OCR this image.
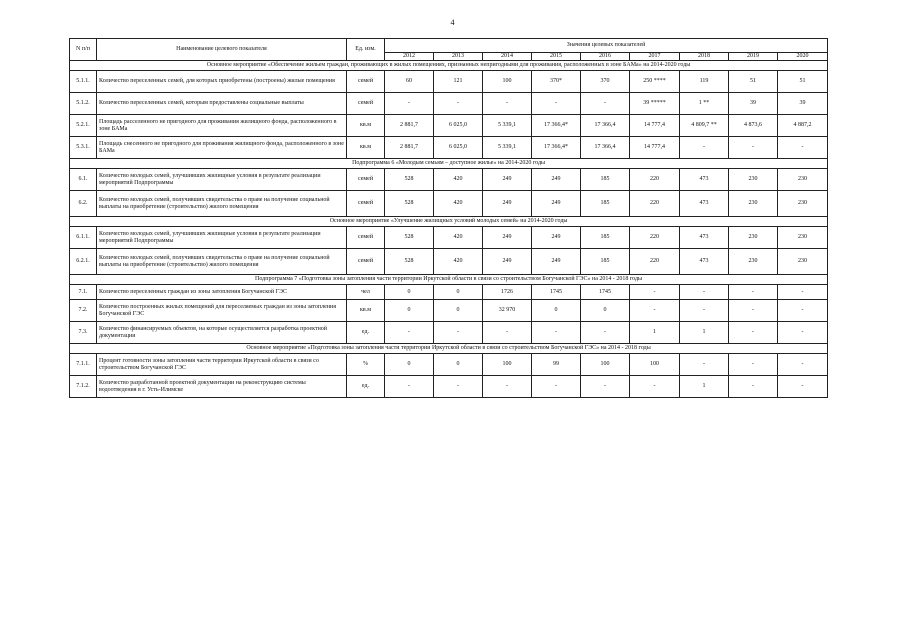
4
N п/п	Наименование целевого показателя	Ед. изм.	Значения целевых показателей								
			2012	2013	2014	2015	2016	2017	2018	2019	2020
Основное мероприятие «Обеспечение жильем граждан, проживающих в жилых помещениях, признанных непригодными для проживания, расположенных в зоне БАМа» на 2014-2020 годы											
5.1.1.	Количество переселенных семей, для которых приобретены (построены) жилые помещения	семей	60	121	100	370*	370	250 ****	119	51	51
5.1.2.	Количество переселенных семей, которым предоставлены социальные выплаты	семей	-	-	-	-	-	39 *****	1 **	39	39
5.2.1.	Площадь расселенного не пригодного для проживания жилищного фонда, расположенного в зоне БАМа	кв.м	2 881,7	6 025,0	5 339,1	17 366,4*	17 366,4	14 777,4	4 809,7 **	4 873,6	4 887,2
5.3.1.	Площадь снесенного не пригодного для проживания жилищного фонда, расположенного в зоне БАМа	кв.м	2 881,7	6 025,0	5 339,1	17 366,4*	17 366,4	14 777,4	-	-	-
Подпрограмма 6 «Молодым семьям – доступное жилье» на 2014-2020 годы											
6.1.	Количество молодых семей, улучшивших жилищные условия в результате реализации мероприятий Подпрограммы	семей	528	420	249	249	185	220	473	230	230
6.2.	Количество молодых семей, получивших свидетельства о праве на получение социальной выплаты на приобретение (строительство) жилого помещения	семей	528	420	249	249	185	220	473	230	230
Основное мероприятие «Улучшение жилищных условий молодых семей» на 2014-2020 годы											
6.1.1.	Количество молодых семей, улучшивших жилищные условия в результате реализации мероприятий Подпрограммы	семей	528	420	249	249	185	220	473	230	230
6.2.1.	Количество молодых семей, получивших свидетельства о праве на получение социальной выплаты на приобретение (строительство) жилого помещения	семей	528	420	249	249	185	220	473	230	230
Подпрограмма 7 «Подготовка зоны затопления части территории Иркутской области в связи со строительством Богучанской ГЭС» на 2014 - 2018 годы											
7.1.	Количество переселенных граждан из зоны затопления Богучанской ГЭС	чел	0	0	1726	1745	1745	-	-	-	-
7.2.	Количество построенных жилых помещений для переселяемых граждан из зоны затопления Богучанской ГЭС	кв.м	0	0	32 970	0	0	-	-	-	-
7.3.	Количество финансируемых объектов, на которые осуществляется разработка проектной документации	ед.	-	-	-	-	-	1	1	-	-
Основное мероприятие «Подготовка зоны затопления части территории Иркутской области в связи со строительством Богучанской ГЭС» на 2014 - 2018 годы											
7.1.1.	Процент готовности зоны затопления части территории Иркутской области в связи со строительством Богучанской ГЭС	%	0	0	100	99	100	100	-	-	-
7.1.2.	Количество разработанной проектной документации на реконструкцию системы водоотведения в г. Усть-Илимске	ед.	-	-	-	-	-	-	1	-	-
